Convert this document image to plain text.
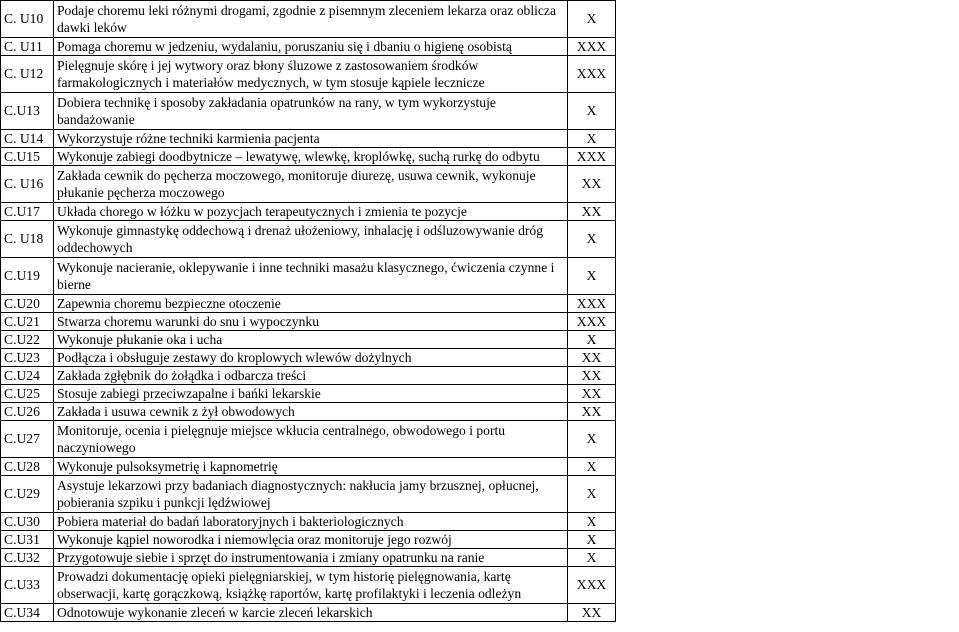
C. U10	Podaje choremu leki różnymi drogami, zgodnie z pisemnym zleceniem lekarza oraz oblicza dawki leków	X	
C. U11	Pomaga choremu w jedzeniu, wydalaniu, poruszaniu się i dbaniu o higienę osobistą	XXX	
C. U12	Pielęgnuje skórę i jej wytwory oraz błony śluzowe z zastosowaniem środków farmakologicznych i materiałów medycznych, w tym stosuje kąpiele lecznicze	XXX	
C.U13	Dobiera technikę i sposoby zakładania opatrunków na rany, w tym wykorzystuje bandażowanie	X	
C. U14	Wykorzystuje różne techniki karmienia pacjenta	X	
C.U15	Wykonuje zabiegi doodbytnicze – lewatywę, wlewkę, kroplówkę, suchą rurkę do odbytu	XXX	
C. U16	Zakłada cewnik do pęcherza moczowego, monitoruje diurezę, usuwa cewnik, wykonuje płukanie pęcherza moczowego	XX	
C.U17	Układa chorego w łóżku w pozycjach terapeutycznych i zmienia te pozycje	XX	
C. U18	Wykonuje gimnastykę oddechową i drenaż ułożeniowy, inhalację i odśluzowywanie dróg oddechowych	X	
C.U19	Wykonuje nacieranie, oklepywanie i inne techniki masażu klasycznego, ćwiczenia czynne i bierne	X	
C.U20	Zapewnia choremu bezpieczne otoczenie	XXX	
C.U21	Stwarza choremu warunki do snu i wypoczynku	XXX	
C.U22	Wykonuje płukanie oka i ucha	X	
C.U23	Podłącza i obsługuje zestawy do kroplowych wlewów dożylnych	XX	
C.U24	Zakłada zgłębnik do żołądka i odbarcza treści	XX	
C.U25	Stosuje zabiegi przeciwzapalne i bańki lekarskie	XX	
C.U26	Zakłada i usuwa cewnik z żył obwodowych	XX	
C.U27	Monitoruje, ocenia i pielęgnuje miejsce wkłucia centralnego, obwodowego i portu naczyniowego	X	
C.U28	Wykonuje pulsoksymetrię i kapnometrię	X	
C.U29	Asystuje lekarzowi przy badaniach diagnostycznych: nakłucia jamy brzusznej, opłucnej, pobierania szpiku i punkcji lędźwiowej	X	
C.U30	Pobiera materiał do badań laboratoryjnych i bakteriologicznych	X	
C.U31	Wykonuje kąpiel noworodka i niemowlęcia oraz monitoruje jego rozwój	X	
C.U32	Przygotowuje siebie i sprzęt do instrumentowania i zmiany opatrunku na ranie	X	
C.U33	Prowadzi dokumentację opieki pielęgniarskiej, w tym historię pielęgnowania, kartę obserwacji, kartę gorączkową, książkę raportów, kartę profilaktyki i leczenia odleżyn	XXX	
C.U34	Odnotowuje wykonanie zleceń w karcie zleceń lekarskich	XX	
